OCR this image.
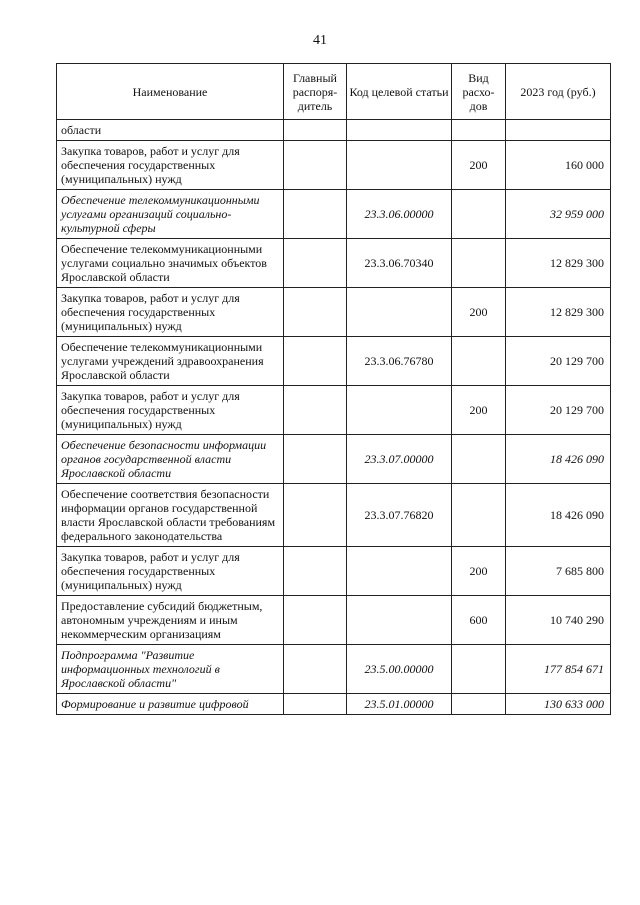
41
Наименование	Главный распоря-дитель	Код целевой статьи	Вид расхо-дов	2023 год (руб.)
области				
Закупка товаров, работ и услуг для обеспечения государственных (муниципальных) нужд			200	160 000
Обеспечение телекоммуникационными услугами организаций социально-культурной сферы		23.3.06.00000		32 959 000
Обеспечение телекоммуникационными услугами социально значимых объектов Ярославской области		23.3.06.70340		12 829 300
Закупка товаров, работ и услуг для обеспечения государственных (муниципальных) нужд			200	12 829 300
Обеспечение телекоммуникационными услугами учреждений здравоохранения Ярославской области		23.3.06.76780		20 129 700
Закупка товаров, работ и услуг для обеспечения государственных (муниципальных) нужд			200	20 129 700
Обеспечение безопасности информации органов государственной власти Ярославской области		23.3.07.00000		18 426 090
Обеспечение соответствия безопасности информации органов государственной власти Ярославской области требованиям федерального законодательства		23.3.07.76820		18 426 090
Закупка товаров, работ и услуг для обеспечения государственных (муниципальных) нужд			200	7 685 800
Предоставление субсидий бюджетным, автономным учреждениям и иным некоммерческим организациям			600	10 740 290
Подпрограмма "Развитие информационных технологий в Ярославской области"		23.5.00.00000		177 854 671
Формирование и развитие цифровой		23.5.01.00000		130 633 000
